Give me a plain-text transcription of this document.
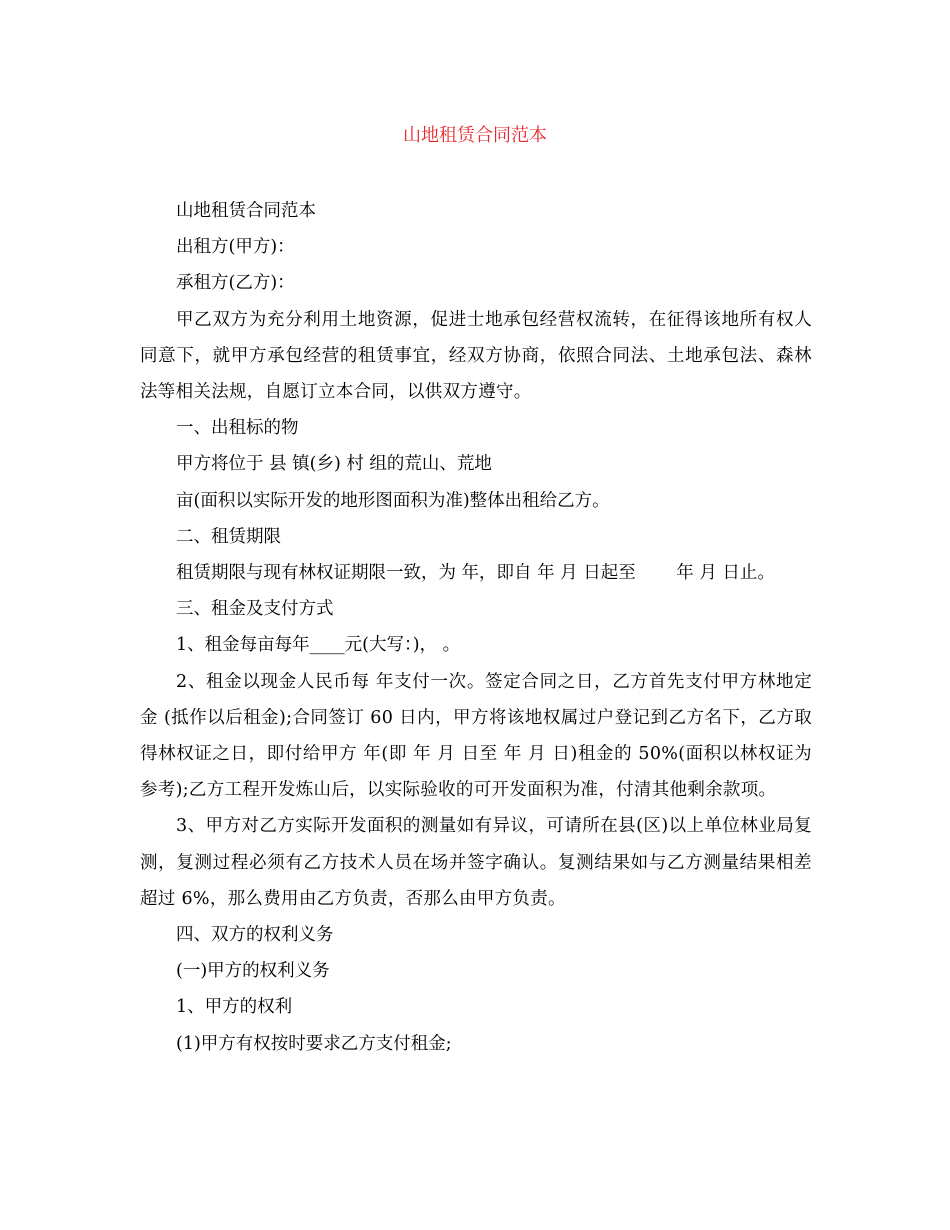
山地租赁合同范本

山地租赁合同范本

出租方(甲方)：

承租方(乙方)：

甲乙双方为充分利用土地资源，促进士地承包经营权流转，在征得该地所有权人同意下，就甲方承包经营的租赁事宜，经双方协商，依照合同法、土地承包法、森林法等相关法规，自愿订立本合同，以供双方遵守。

一、出租标的物

甲方将位于 县 镇(乡) 村 组的荒山、荒地

亩(面积以实际开发的地形图面积为准)整体出租给乙方。

二、租赁期限

租赁期限与现有林权证期限一致，为 年，即自 年 月 日起至　　 年 月 日止。

三、租金及支付方式

1、租金每亩每年____元(大写：)， 。

2、租金以现金人民币每 年支付一次。签定合同之日，乙方首先支付甲方林地定金 (抵作以后租金);合同签订 60 日内，甲方将该地权属过户登记到乙方名下，乙方取得林权证之日，即付给甲方 年(即 年 月 日至 年 月 日)租金的 50%(面积以林权证为参考);乙方工程开发炼山后，以实际验收的可开发面积为准，付清其他剩余款项。

3、甲方对乙方实际开发面积的测量如有异议，可请所在县(区)以上单位林业局复测，复测过程必须有乙方技术人员在场并签字确认。复测结果如与乙方测量结果相差超过 6%，那么费用由乙方负责，否那么由甲方负责。

四、双方的权利义务

(一)甲方的权利义务

1、甲方的权利

(1)甲方有权按时要求乙方支付租金;
